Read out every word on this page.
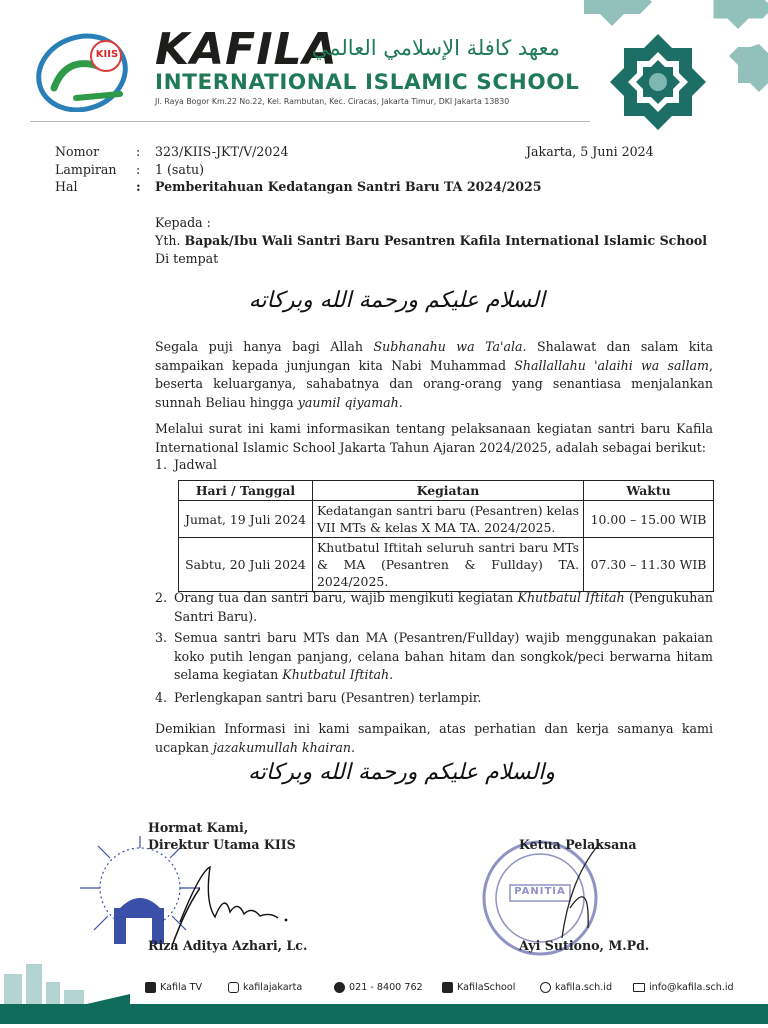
KIIS KAFILA
معهد كافلة الإسلامي العالمي
INTERNATIONAL ISLAMIC SCHOOL
Jl. Raya Bogor Km.22 No.22, Kel. Rambutan, Kec. Ciracas, Jakarta Timur, DKI Jakarta 13830
Nomor	: 323/KIIS-JKT/V/2024	Jakarta, 5 Juni 2024
Lampiran : 1 (satu)
Hal	: Pemberitahuan Kedatangan Santri Baru TA 2024/2025
Kepada :
Yth. Bapak/Ibu Wali Santri Baru Pesantren Kafila International Islamic School
Di tempat
السلام عليكم ورحمة الله وبركاته
Segala puji hanya bagi Allah Subhanahu wa Ta'ala. Shalawat dan salam kita sampaikan kepada junjungan kita Nabi Muhammad Shallallahu 'alaihi wa sallam, beserta keluarganya, sahabatnya dan orang-orang yang senantiasa menjalankan sunnah Beliau hingga yaumil qiyamah.
Melalui surat ini kami informasikan tentang pelaksanaan kegiatan santri baru Kafila International Islamic School Jakarta Tahun Ajaran 2024/2025, adalah sebagai berikut:
1. Jadwal
Hari / Tanggal	Kegiatan	Waktu
Jumat, 19 Juli 2024	Kedatangan santri baru (Pesantren) kelas VII MTs & kelas X MA TA. 2024/2025.	10.00 – 15.00 WIB
Sabtu, 20 Juli 2024	Khutbatul Iftitah seluruh santri baru MTs & MA (Pesantren & Fullday) TA. 2024/2025.	07.30 – 11.30 WIB
2. Orang tua dan santri baru, wajib mengikuti kegiatan Khutbatul Iftitah (Pengukuhan Santri Baru).
3. Semua santri baru MTs dan MA (Pesantren/Fullday) wajib menggunakan pakaian koko putih lengan panjang, celana bahan hitam dan songkok/peci berwarna hitam selama kegiatan Khutbatul Iftitah.
4. Perlengkapan santri baru (Pesantren) terlampir.
Demikian Informasi ini kami sampaikan, atas perhatian dan kerja samanya kami ucapkan jazakumullah khairan.
والسلام عليكم ورحمة الله وبركاته
Hormat Kami,
Direktur Utama KIIS
Riza Aditya Azhari, Lc.
PANITIA
Ketua Pelaksana
Ayi Sutiono, M.Pd.
Kafila TV	kafilajakarta	021 - 8400 762	KafilaSchool	kafila.sch.id	info@kafila.sch.id
